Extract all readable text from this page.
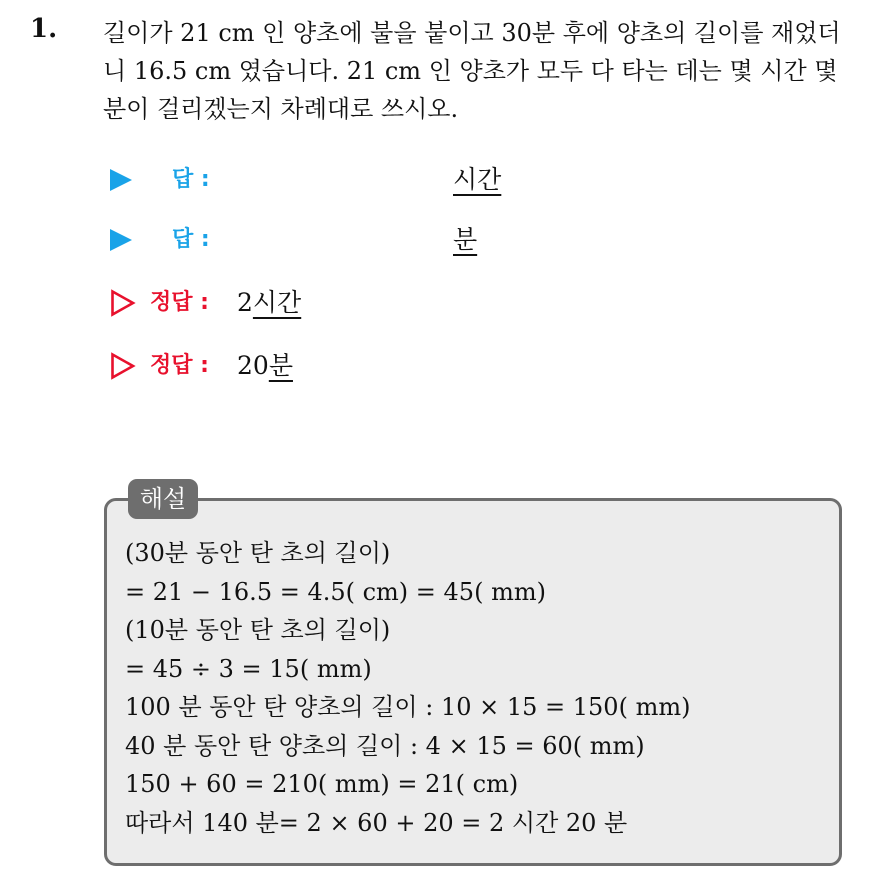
1. 길이가 21 cm 인 양초에 불을 붙이고 30분 후에 양초의 길이를 재었더
니 16.5 cm 였습니다. 21 cm 인 양초가 모두 다 타는 데는 몇 시간 몇
분이 걸리겠는지 차례대로 쓰시오.
답 :	시간
답 :	분
정답 : 2시간
정답 : 20분
해설
(30분 동안 탄 초의 길이)
= 21 − 16.5 = 4.5( cm) = 45( mm)
(10분 동안 탄 초의 길이)
= 45 ÷ 3 = 15( mm)
100 분 동안 탄 양초의 길이 : 10 × 15 = 150( mm)
40 분 동안 탄 양초의 길이 : 4 × 15 = 60( mm)
150 + 60 = 210( mm) = 21( cm)
따라서 140 분= 2 × 60 + 20 = 2 시간 20 분
